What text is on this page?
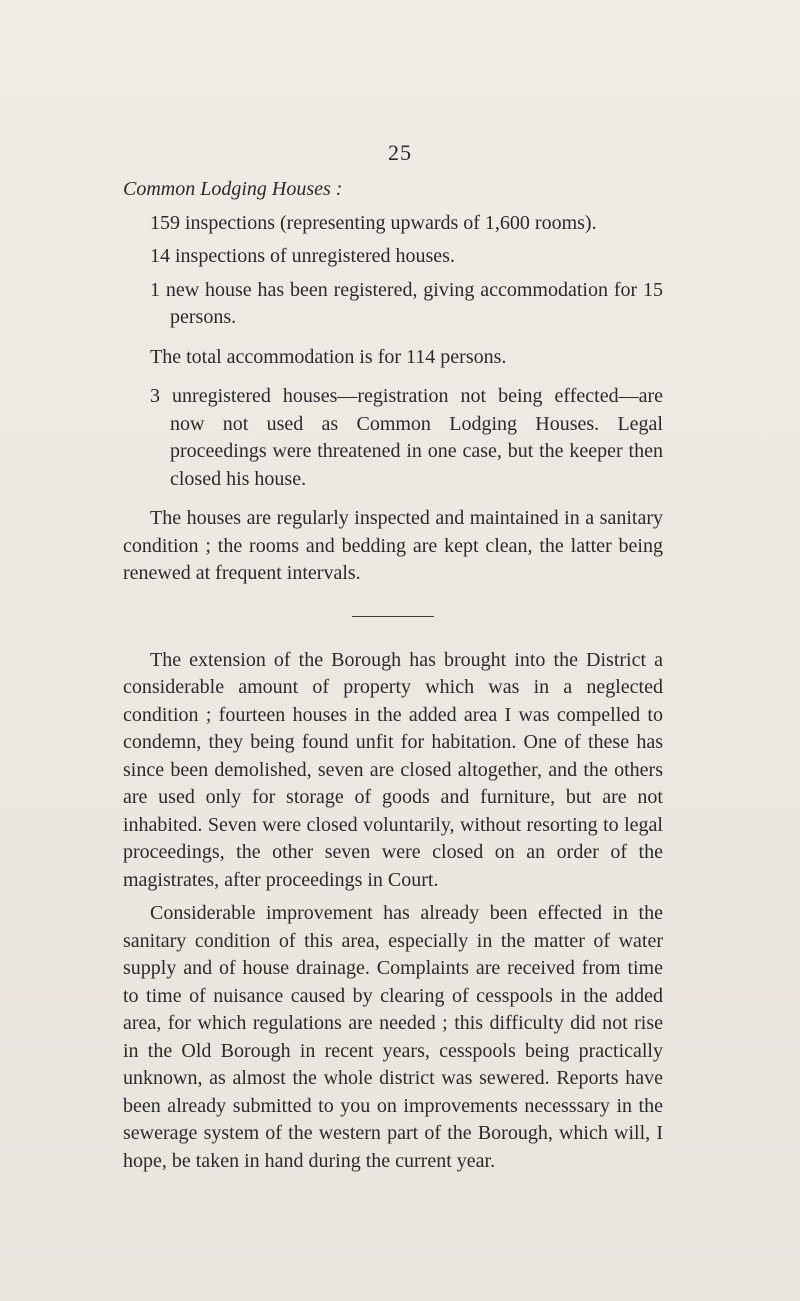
25

Common Lodging Houses :

159 inspections (representing upwards of 1,600 rooms).

14 inspections of unregistered houses.

1 new house has been registered, giving accommodation for 15 persons.

The total accommodation is for 114 persons.

3 unregistered houses—registration not being effected—are now not used as Common Lodging Houses. Legal proceedings were threatened in one case, but the keeper then closed his house.

The houses are regularly inspected and maintained in a sanitary condition ; the rooms and bedding are kept clean, the latter being renewed at frequent intervals.

The extension of the Borough has brought into the District a considerable amount of property which was in a neglected condition ; fourteen houses in the added area I was compelled to condemn, they being found unfit for habitation. One of these has since been demolished, seven are closed altogether, and the others are used only for storage of goods and furniture, but are not inhabited. Seven were closed voluntarily, without resorting to legal proceedings, the other seven were closed on an order of the magistrates, after proceedings in Court.

Considerable improvement has already been effected in the sanitary condition of this area, especially in the matter of water supply and of house drainage. Complaints are received from time to time of nuisance caused by clearing of cesspools in the added area, for which regulations are needed ; this difficulty did not rise in the Old Borough in recent years, cesspools being practically unknown, as almost the whole district was sewered. Reports have been already submitted to you on improvements necesssary in the sewerage system of the western part of the Borough, which will, I hope, be taken in hand during the current year.
